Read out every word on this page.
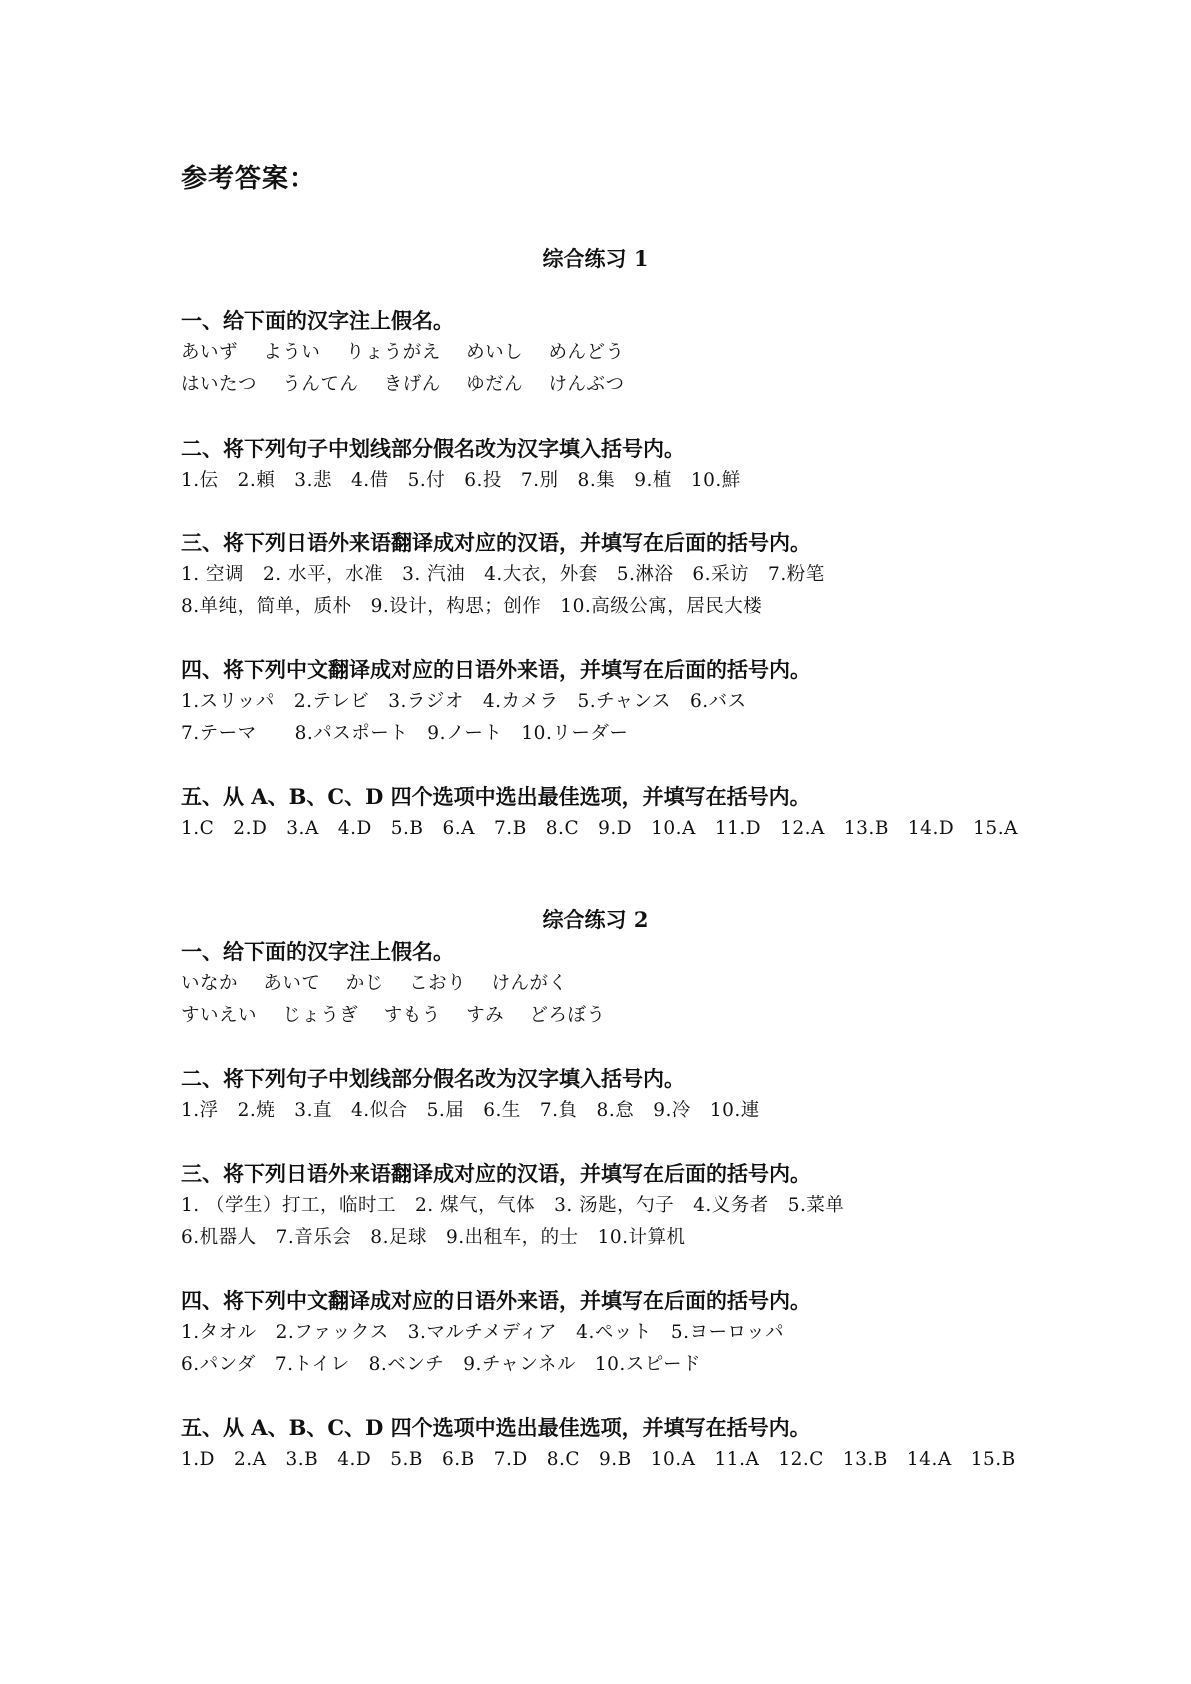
参考答案：
综合练习 1
一、给下面的汉字注上假名。
あいず　 ようい　 りょうがえ　 めいし　 めんどう
はいたつ　 うんてん　 きげん　 ゆだん　 けんぶつ
二、将下列句子中划线部分假名改为汉字填入括号内。
1.伝　2.頼　3.悲　4.借　5.付　6.投　7.別　8.集　9.植　10.鮮
三、将下列日语外来语翻译成对应的汉语，并填写在后面的括号内。
1. 空调　2. 水平，水准　3. 汽油　4.大衣，外套　5.淋浴　6.采访　7.粉笔
8.单纯，简单，质朴　9.设计，构思；创作　10.高级公寓，居民大楼
四、将下列中文翻译成对应的日语外来语，并填写在后面的括号内。
1.スリッパ　2.テレビ　3.ラジオ　4.カメラ　5.チャンス　6.バス
7.テーマ　　8.パスポート　9.ノート　10.リーダー
五、从 A、B、C、D 四个选项中选出最佳选项，并填写在括号内。
1.C　2.D　3.A　4.D　5.B　6.A　7.B　8.C　9.D　10.A　11.D　12.A　13.B　14.D　15.A
综合练习 2
一、给下面的汉字注上假名。
いなか　 あいて　 かじ　 こおり　 けんがく
すいえい　 じょうぎ　 すもう　 すみ　 どろぼう
二、将下列句子中划线部分假名改为汉字填入括号内。
1.浮　2.焼　3.直　4.似合　5.届　6.生　7.負　8.怠　9.冷　10.連
三、将下列日语外来语翻译成对应的汉语，并填写在后面的括号内。
1. （学生）打工，临时工　2. 煤气，气体　3. 汤匙，勺子　4.义务者　5.菜单
6.机器人　7.音乐会　8.足球　9.出租车，的士　10.计算机
四、将下列中文翻译成对应的日语外来语，并填写在后面的括号内。
1.タオル　2.ファックス　3.マルチメディア　4.ペット　5.ヨーロッパ
6.パンダ　7.トイレ　8.ベンチ　9.チャンネル　10.スピード
五、从 A、B、C、D 四个选项中选出最佳选项，并填写在括号内。
1.D　2.A　3.B　4.D　5.B　6.B　7.D　8.C　9.B　10.A　11.A　12.C　13.B　14.A　15.B
